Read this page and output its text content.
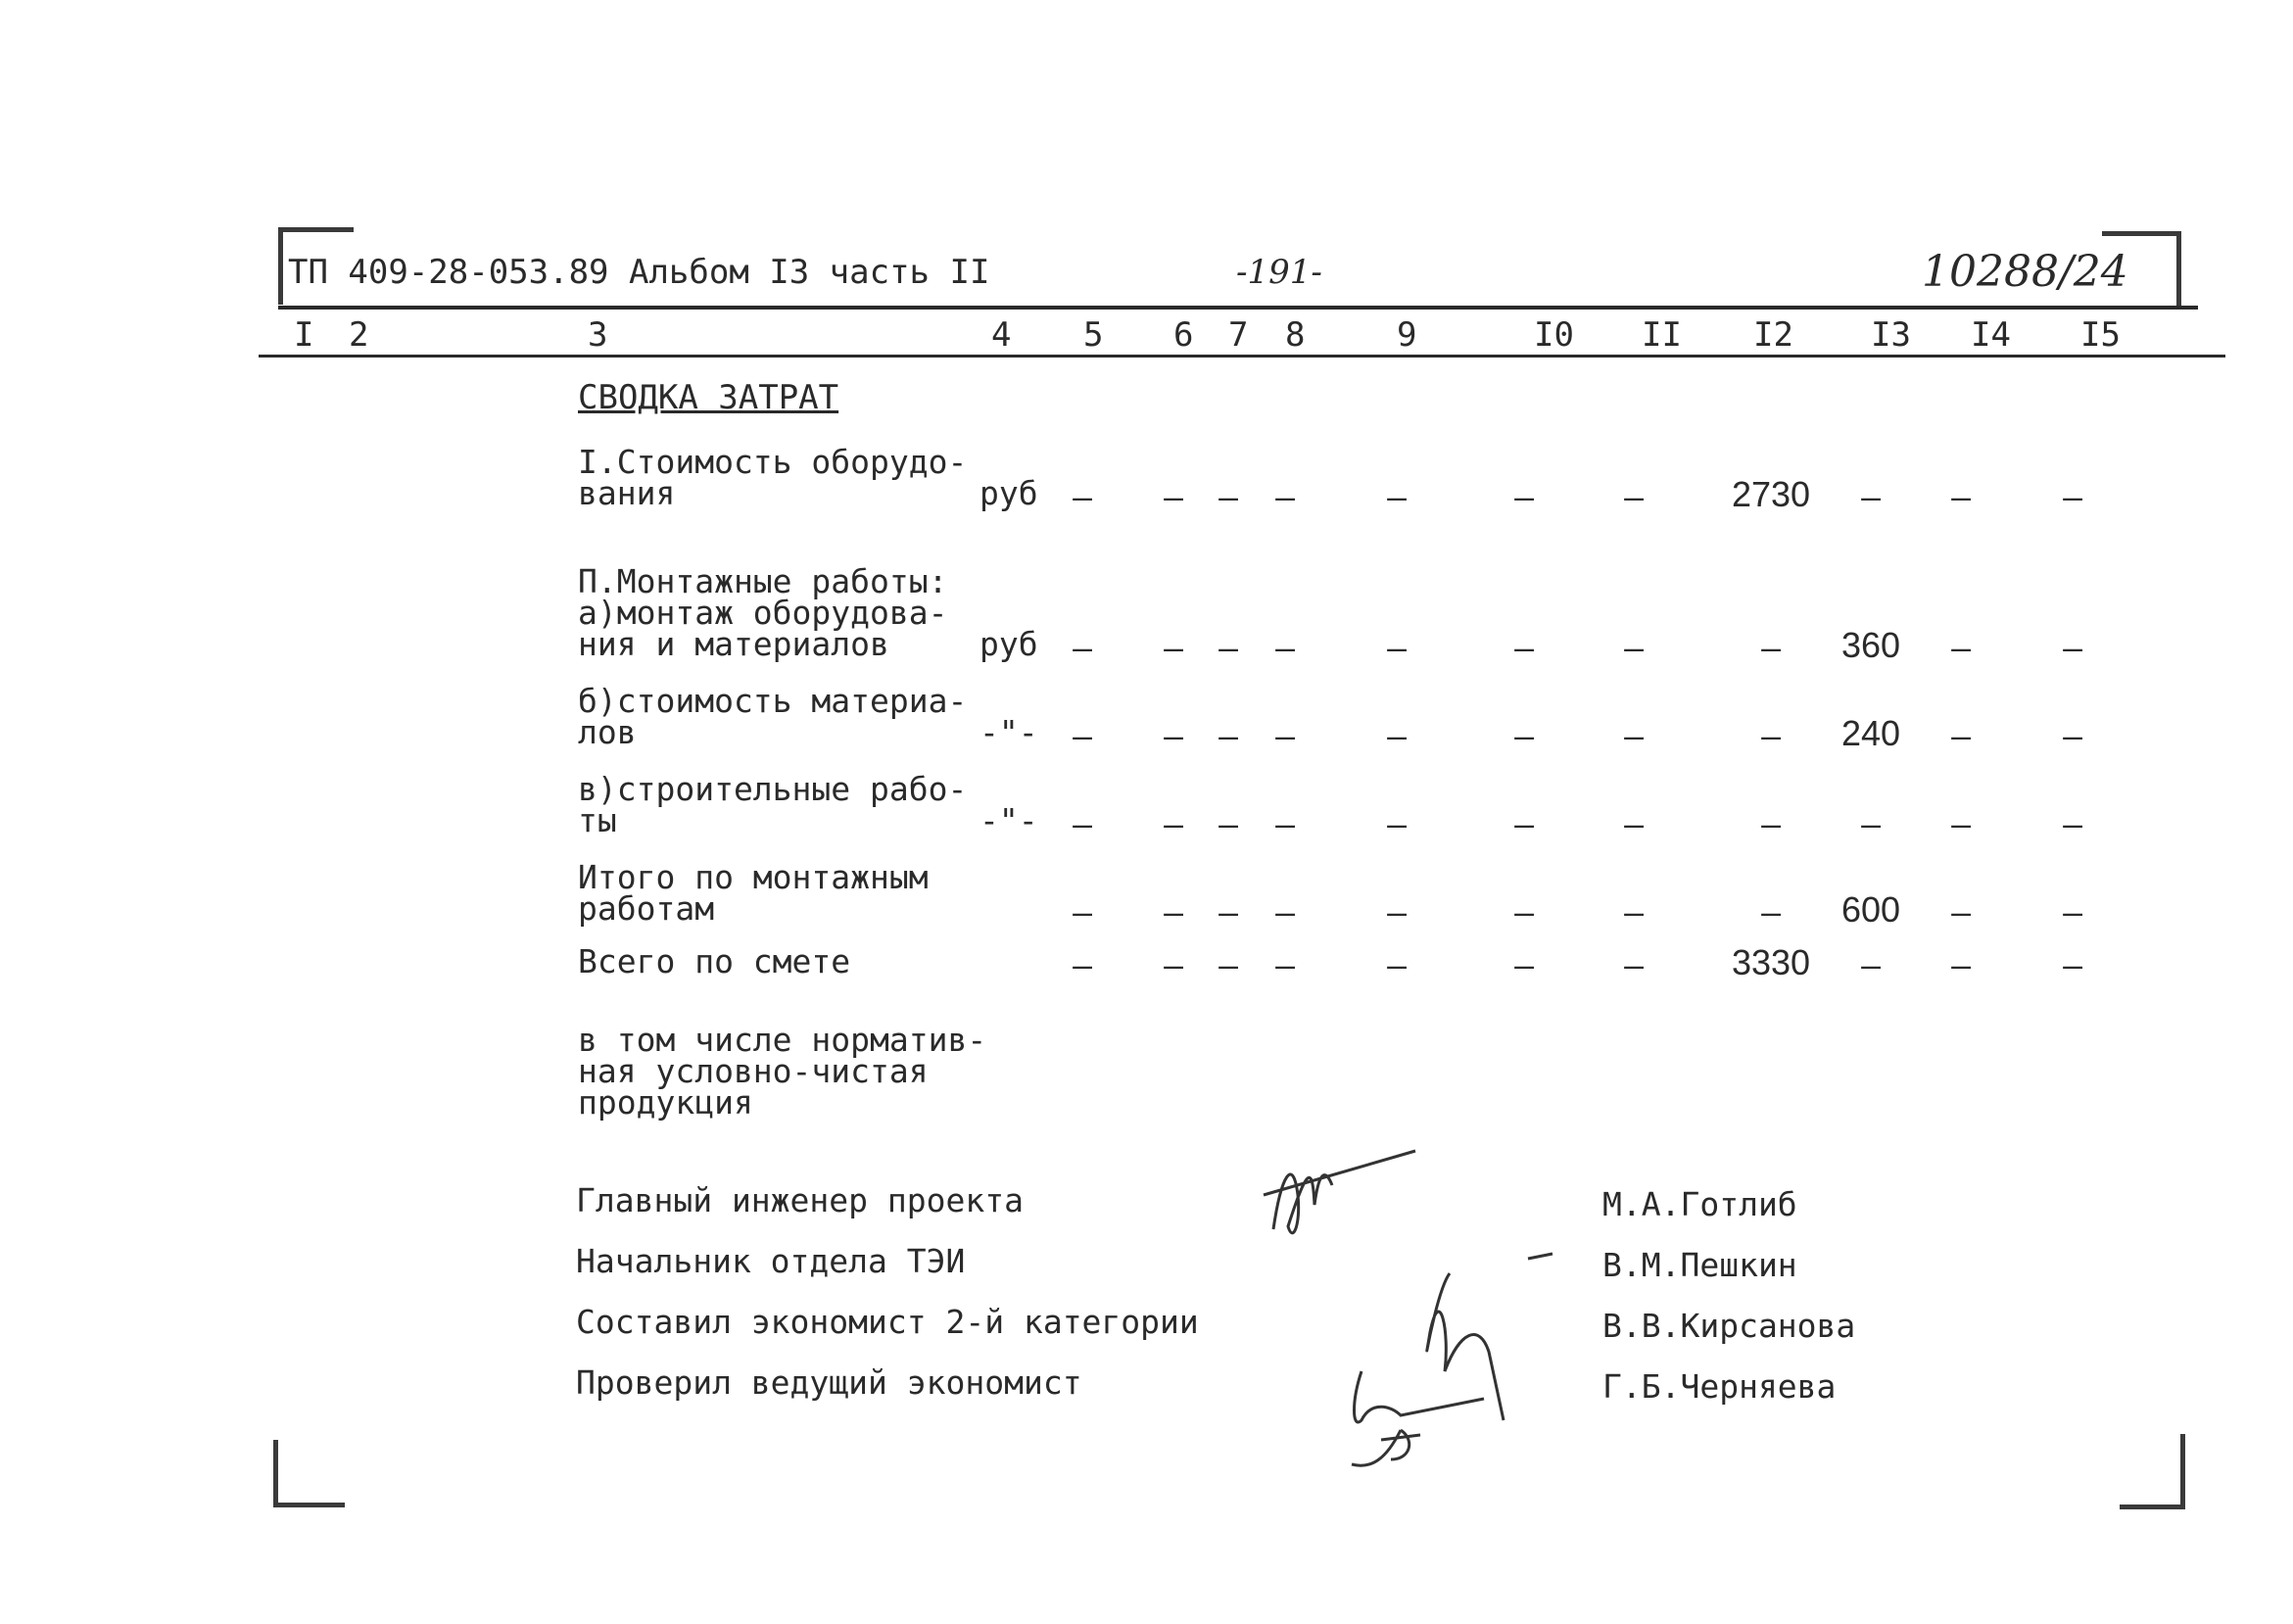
ТП 409-28-053.89 Альбом I3 часть II	-191-	10288/24
I 2	3	4 5 6 7 8	9	I0 II I2 I3 I4 I5
СВОДКА ЗАТРАТ
I.Стоимость оборудо-
вания	руб	–	–	–	–	–	–	–	2730	–	–	–
П.Монтажные работы:
а)монтаж оборудова-
ния и материалов	руб	–	–	–	–	–	–	–	–	360	–	–
б)стоимость материа-
лов	-"-	–	–	–	–	–	–	–	–	240	–	–
в)строительные рабо-
ты	-"-	–	–	–	–	–	–	–	–	–	–	–
Итого по монтажным
работам	–	–	–	–	–	–	–	–	600	–	–
Всего по смете	–	–	–	–	–	–	–	3330	–	–	–
в том числе норматив-
ная условно-чистая
продукция
Главный инженер проекта	М.А.Готлиб
Начальник отдела ТЭИ	В.М.Пешкин
Составил экономист 2-й категории	В.В.Кирсанова
Проверил ведущий экономист	Г.Б.Черняева
